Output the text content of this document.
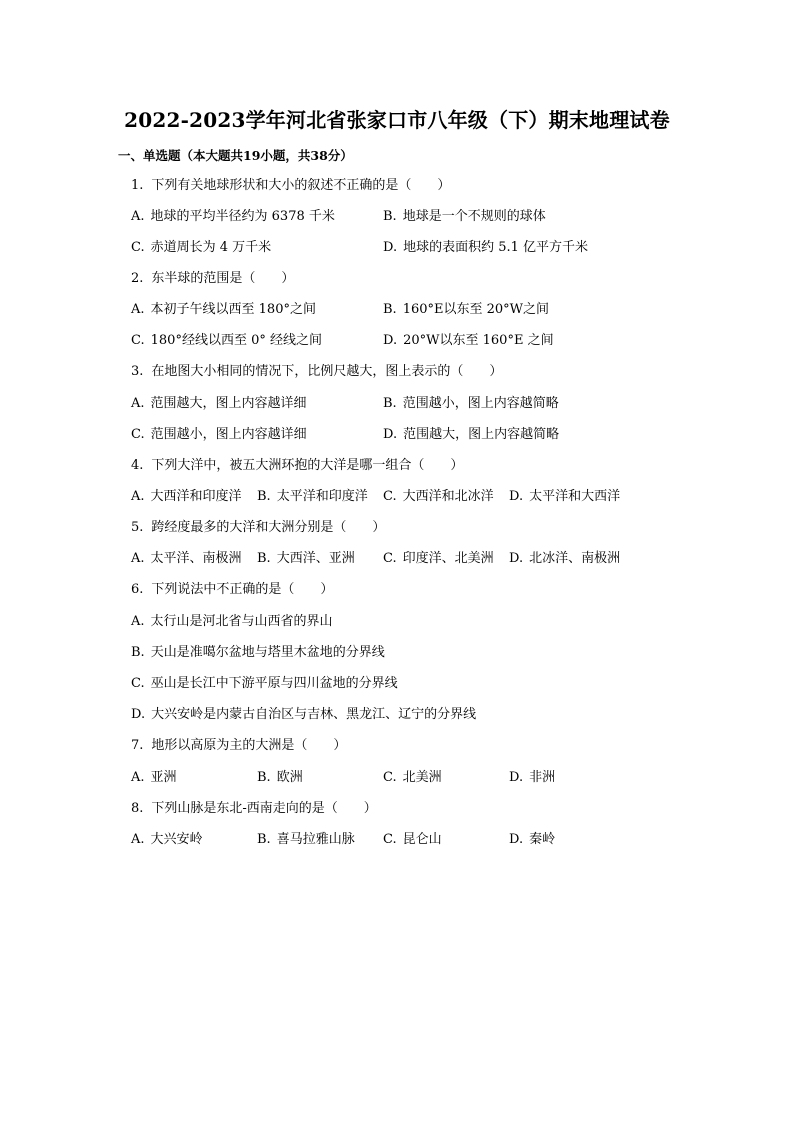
2022-2023学年河北省张家口市八年级（下）期末地理试卷
一、单选题（本大题共19小题，共38分）
1. 下列有关地球形状和大小的叙述不正确的是（　　）
A. 地球的平均半径约为 6378 千米	B. 地球是一个不规则的球体
C. 赤道周长为 4 万千米	D. 地球的表面积约 5.1 亿平方千米
2. 东半球的范围是（　　）
A. 本初子午线以西至 180°之间	B. 160°E以东至 20°W之间
C. 180°经线以西至 0° 经线之间	D. 20°W以东至 160°E 之间
3. 在地图大小相同的情况下，比例尺越大，图上表示的（　　）
A. 范围越大，图上内容越详细	B. 范围越小，图上内容越简略
C. 范围越小，图上内容越详细	D. 范围越大，图上内容越简略
4. 下列大洋中，被五大洲环抱的大洋是哪一组合（　　）
A. 大西洋和印度洋 B. 太平洋和印度洋 C. 大西洋和北冰洋 D. 太平洋和大西洋
5. 跨经度最多的大洋和大洲分别是（　　）
A. 太平洋、南极洲 B. 大西洋、亚洲 C. 印度洋、北美洲 D. 北冰洋、南极洲
6. 下列说法中不正确的是（　　）
A. 太行山是河北省与山西省的界山
B. 天山是准噶尔盆地与塔里木盆地的分界线
C. 巫山是长江中下游平原与四川盆地的分界线
D. 大兴安岭是内蒙古自治区与吉林、黑龙江、辽宁的分界线
7. 地形以高原为主的大洲是（　　）
A. 亚洲	B. 欧洲	C. 北美洲	D. 非洲
8. 下列山脉是东北-西南走向的是（　　）
A. 大兴安岭	B. 喜马拉雅山脉 C. 昆仑山	D. 秦岭
